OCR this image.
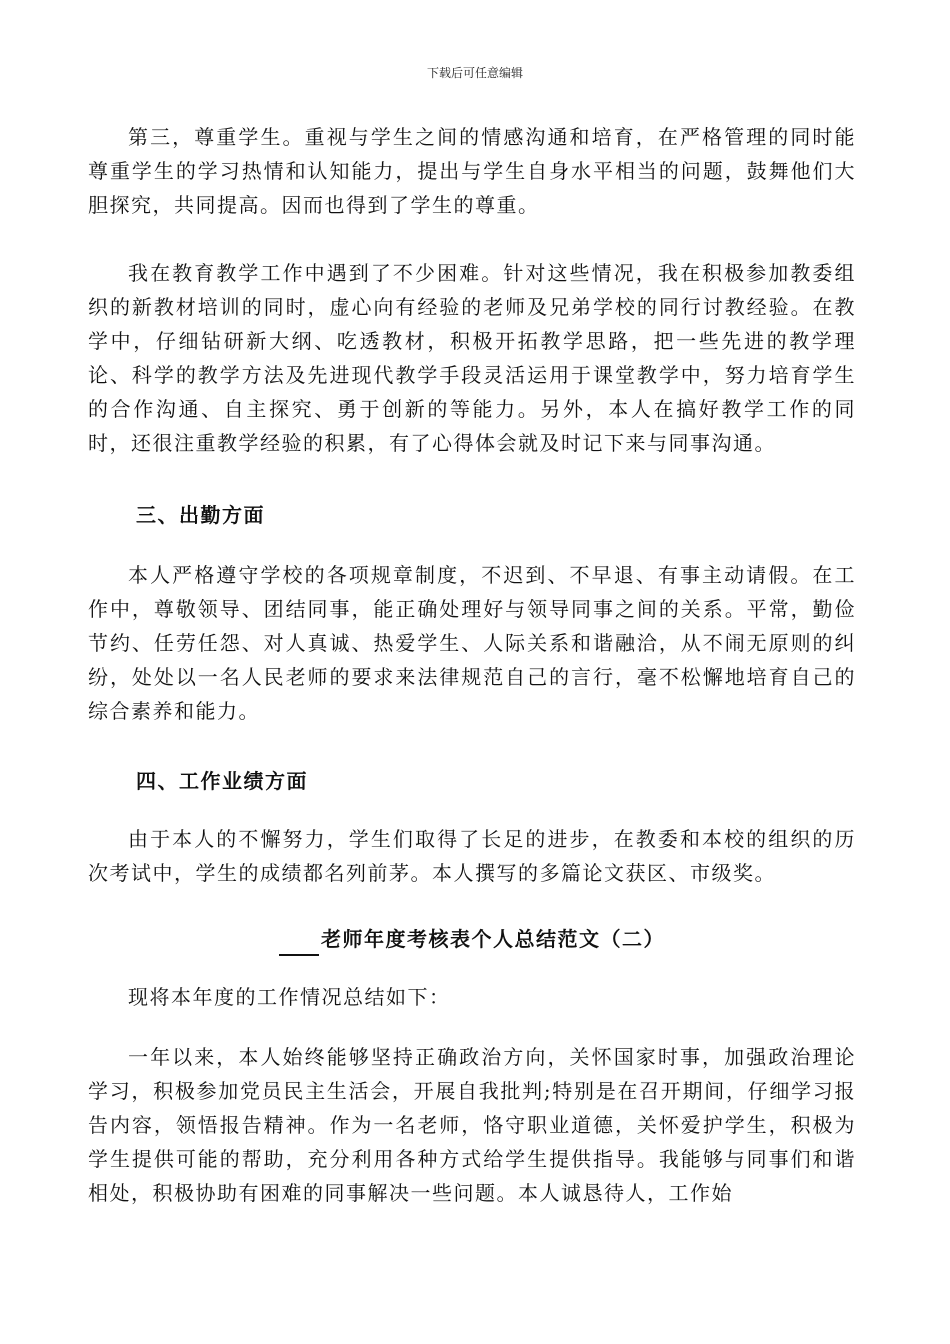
下载后可任意编辑

第三，尊重学生。重视与学生之间的情感沟通和培育，在严格管理的同时能尊重学生的学习热情和认知能力，提出与学生自身水平相当的问题，鼓舞他们大胆探究，共同提高。因而也得到了学生的尊重。

我在教育教学工作中遇到了不少困难。针对这些情况，我在积极参加教委组织的新教材培训的同时，虚心向有经验的老师及兄弟学校的同行讨教经验。在教学中，仔细钻研新大纲、吃透教材，积极开拓教学思路，把一些先进的教学理论、科学的教学方法及先进现代教学手段灵活运用于课堂教学中，努力培育学生的合作沟通、自主探究、勇于创新的等能力。另外，本人在搞好教学工作的同时，还很注重教学经验的积累，有了心得体会就及时记下来与同事沟通。

三、出勤方面

本人严格遵守学校的各项规章制度，不迟到、不早退、有事主动请假。在工作中，尊敬领导、团结同事，能正确处理好与领导同事之间的关系。平常，勤俭节约、任劳任怨、对人真诚、热爱学生、人际关系和谐融洽，从不闹无原则的纠纷，处处以一名人民老师的要求来法律规范自己的言行，毫不松懈地培育自己的综合素养和能力。

四、工作业绩方面

由于本人的不懈努力，学生们取得了长足的进步，在教委和本校的组织的历次考试中，学生的成绩都名列前茅。本人撰写的多篇论文获区、市级奖。

老师年度考核表个人总结范文（二）

现将本年度的工作情况总结如下：

一年以来，本人始终能够坚持正确政治方向，关怀国家时事，加强政治理论学习，积极参加党员民主生活会，开展自我批判;特别是在召开期间，仔细学习报告内容，领悟报告精神。作为一名老师，恪守职业道德，关怀爱护学生，积极为学生提供可能的帮助，充分利用各种方式给学生提供指导。我能够与同事们和谐相处，积极协助有困难的同事解决一些问题。本人诚恳待人，工作始
